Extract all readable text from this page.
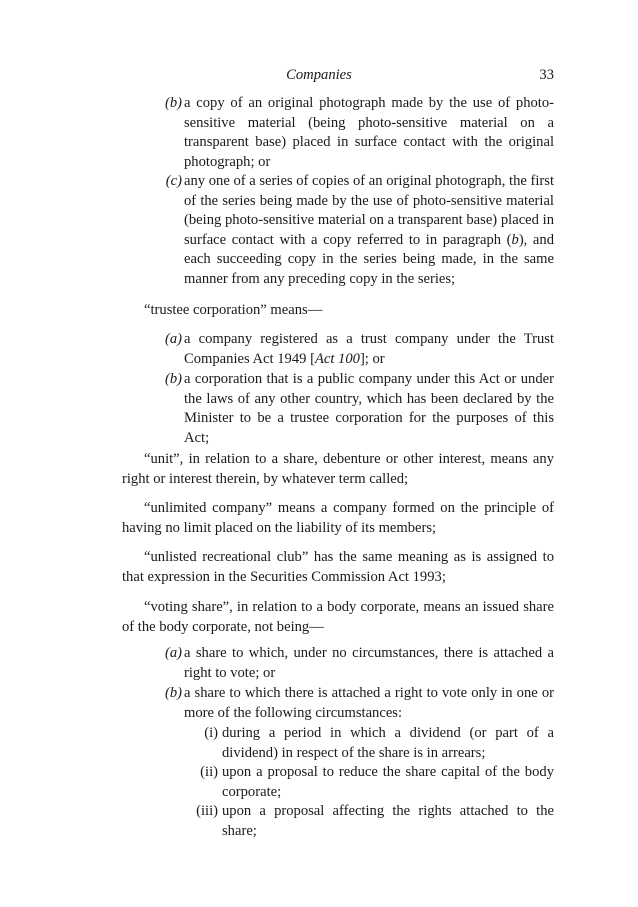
Companies	33
(b) a copy of an original photograph made by the use of photo-sensitive material (being photo-sensitive material on a transparent base) placed in surface contact with the original photograph; or
(c) any one of a series of copies of an original photograph, the first of the series being made by the use of photo-sensitive material (being photo-sensitive material on a transparent base) placed in surface contact with a copy referred to in paragraph (b), and each succeeding copy in the series being made, in the same manner from any preceding copy in the series;
“trustee corporation” means—
(a) a company registered as a trust company under the Trust Companies Act 1949 [Act 100]; or
(b) a corporation that is a public company under this Act or under the laws of any other country, which has been declared by the Minister to be a trustee corporation for the purposes of this Act;
“unit”, in relation to a share, debenture or other interest, means any right or interest therein, by whatever term called;
“unlimited company” means a company formed on the principle of having no limit placed on the liability of its members;
“unlisted recreational club” has the same meaning as is assigned to that expression in the Securities Commission Act 1993;
“voting share”, in relation to a body corporate, means an issued share of the body corporate, not being—
(a) a share to which, under no circumstances, there is attached a right to vote; or
(b) a share to which there is attached a right to vote only in one or more of the following circumstances:
(i) during a period in which a dividend (or part of a dividend) in respect of the share is in arrears;
(ii) upon a proposal to reduce the share capital of the body corporate;
(iii) upon a proposal affecting the rights attached to the share;
